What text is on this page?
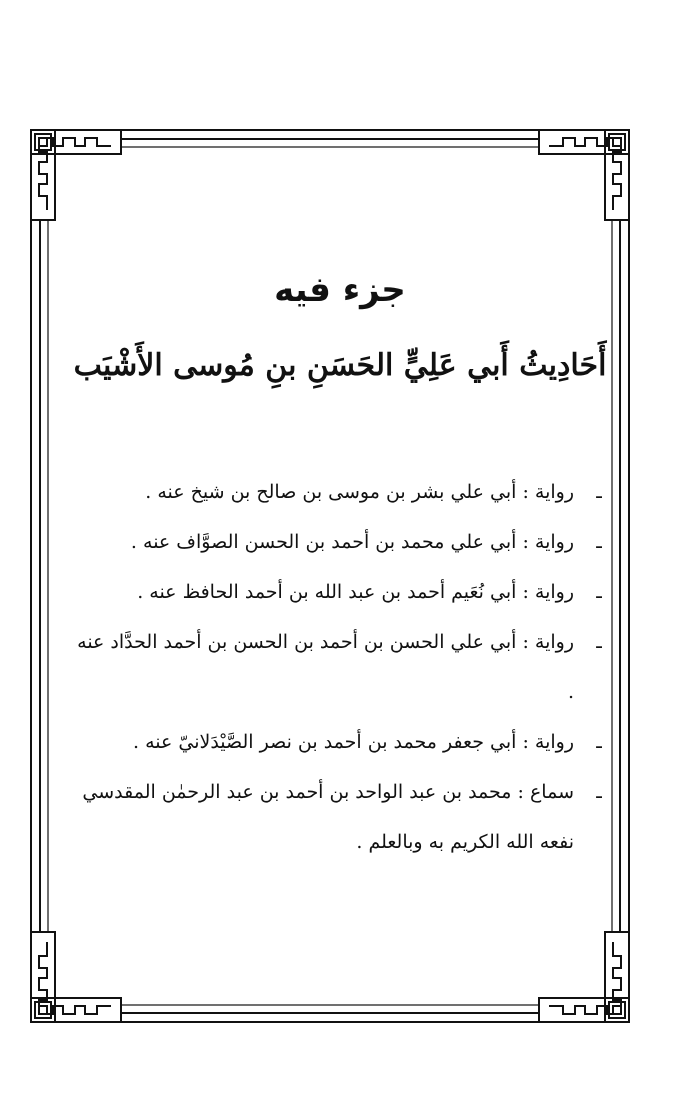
جزء فيه
أَحَادِيثُ أَبي عَلِيٍّ الحَسَنِ بنِ مُوسى الأَشْيَب
ـ
رواية : أبي علي بشر بن موسى بن صالح بن شيخ عنه .
ـ
رواية : أبي علي محمد بن أحمد بن الحسن الصوَّاف عنه .
ـ
رواية : أبي نُعَيم أحمد بن عبد الله بن أحمد الحافظ عنه .
ـ
رواية : أبي علي الحسن بن أحمد بن الحسن بن أحمد الحدَّاد عنه .
ـ
رواية : أبي جعفر محمد بن أحمد بن نصر الصَّيْدَلانيّ عنه .
ـ
سماع : محمد بن عبد الواحد بن أحمد بن عبد الرحمٰن المقدسي نفعه الله الكريم به وبالعلم .
